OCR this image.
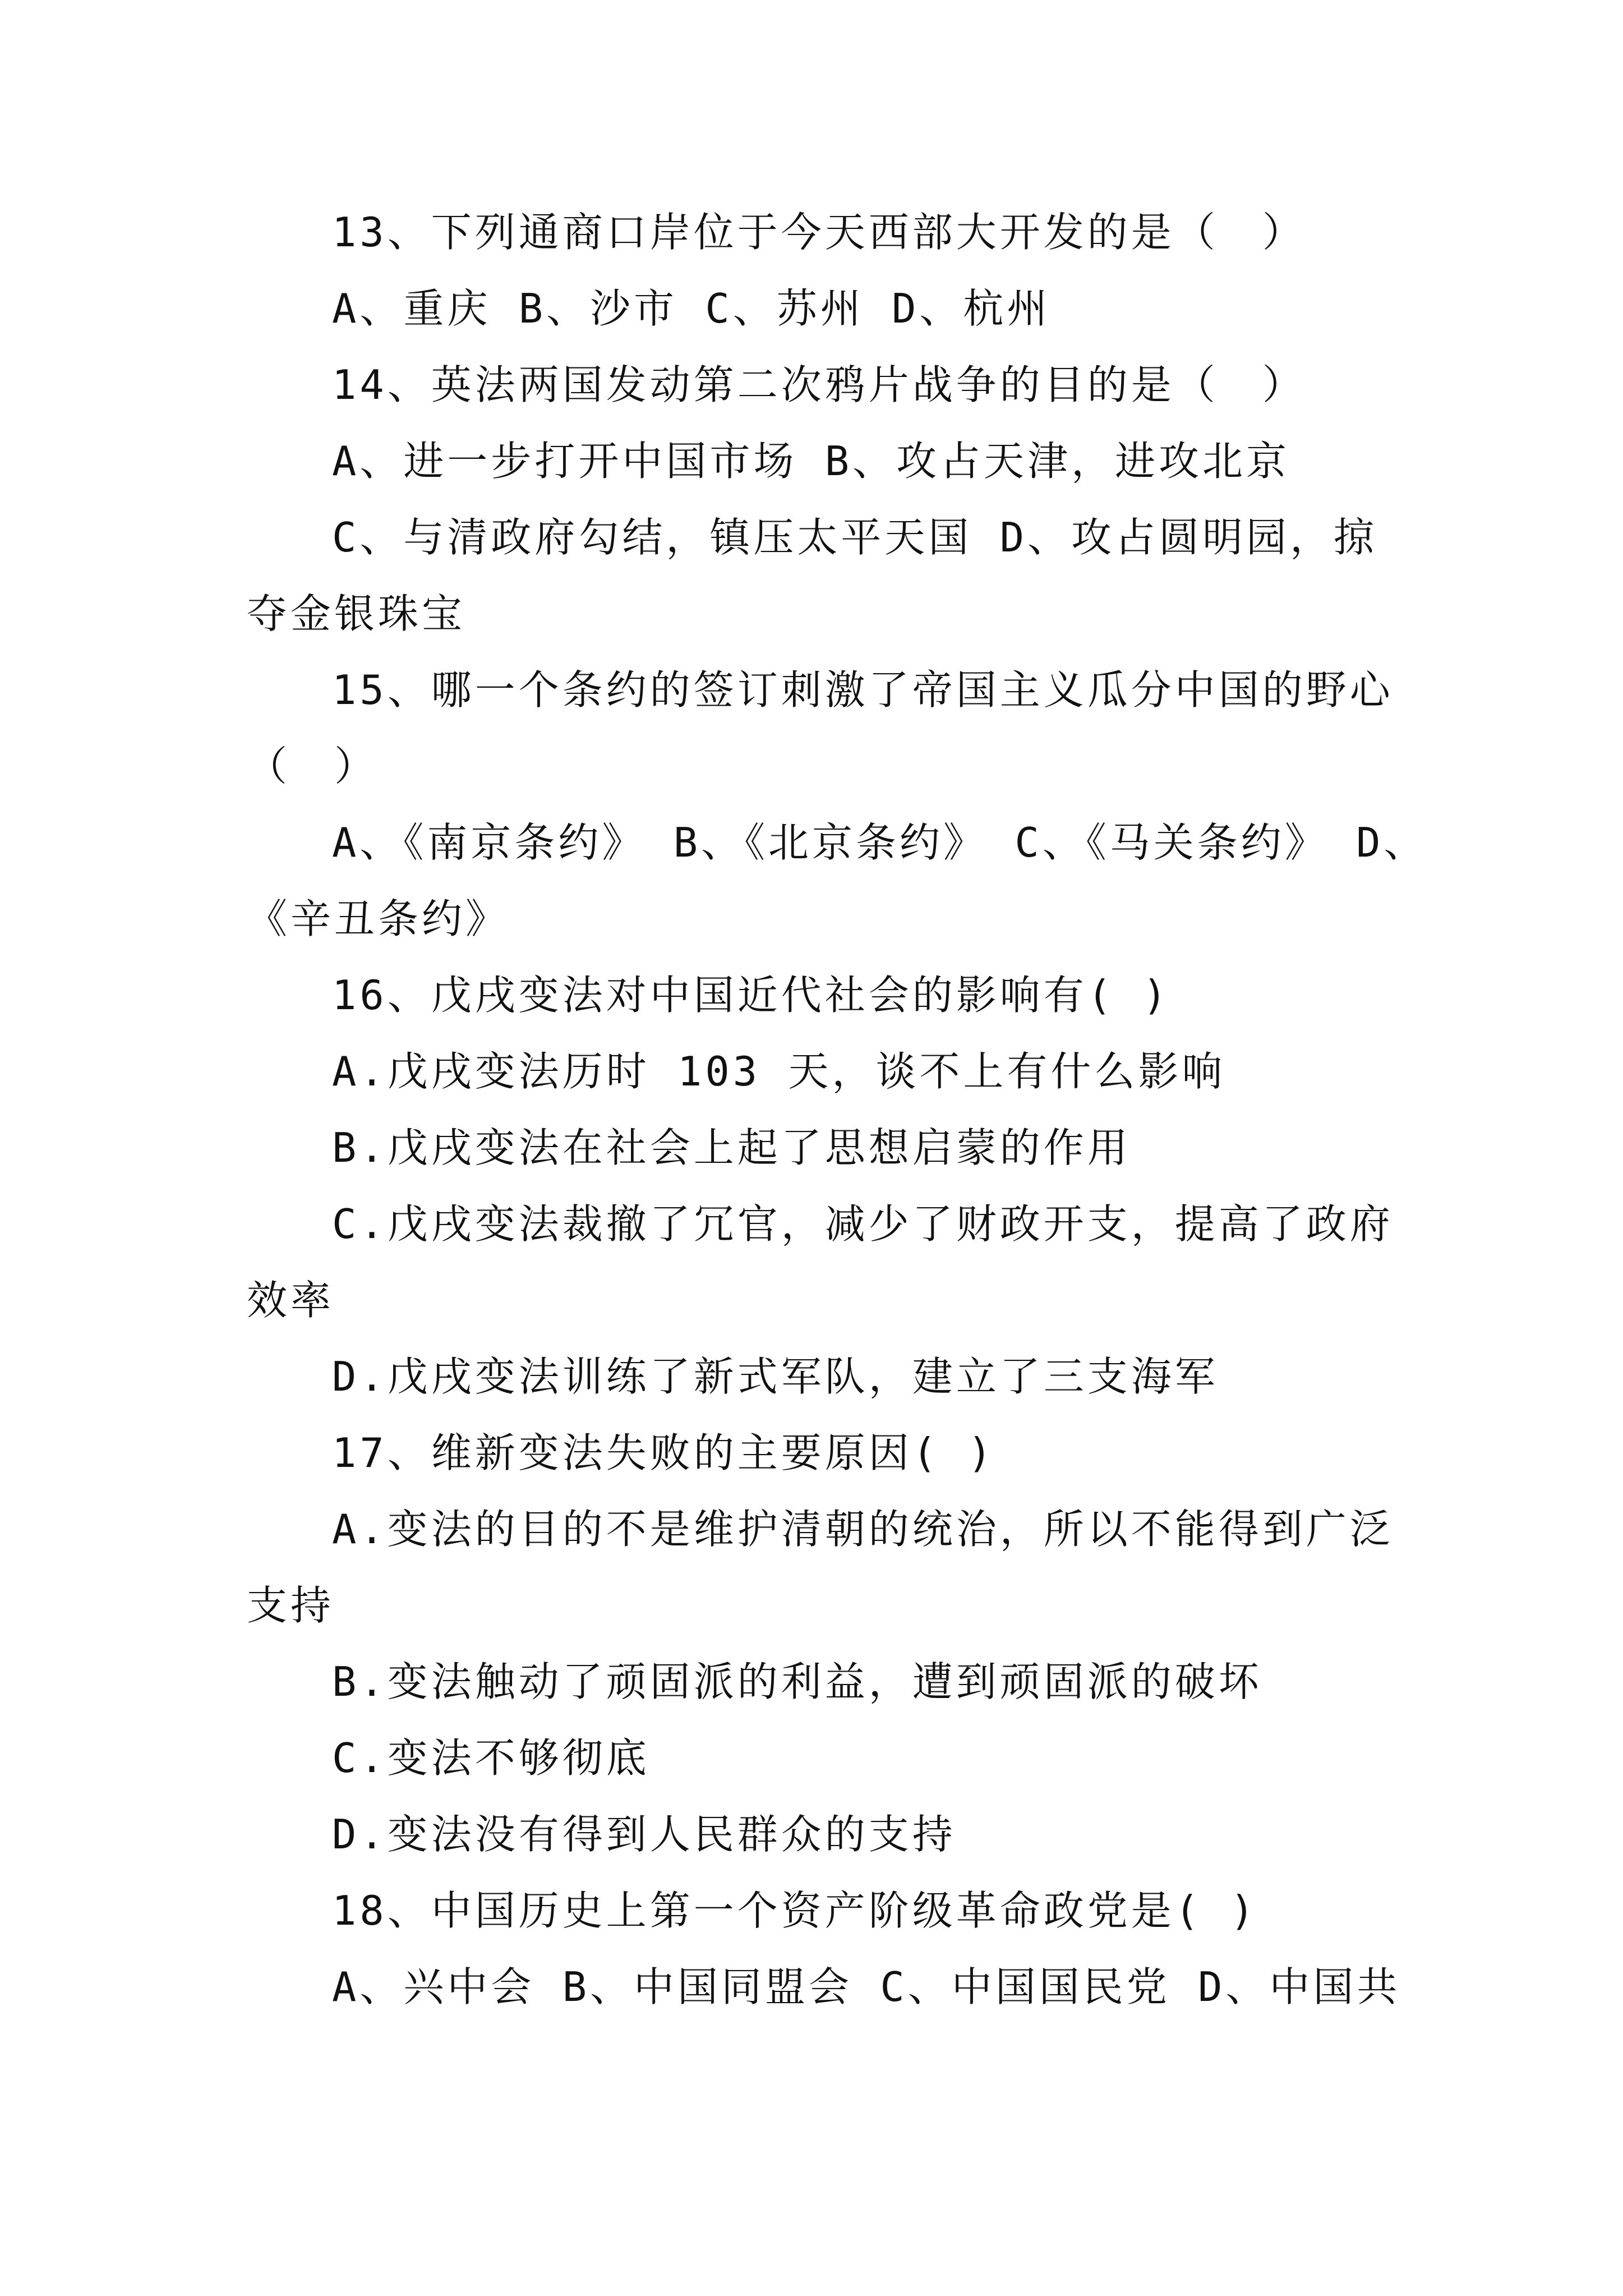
13、下列通商口岸位于今天西部大开发的是（　）
A、重庆 B、沙市 C、苏州 D、杭州
14、英法两国发动第二次鸦片战争的目的是（　）
A、进一步打开中国市场 B、攻占天津，进攻北京
C、与清政府勾结，镇压太平天国 D、攻占圆明园，掠
夺金银珠宝
15、哪一个条约的签订刺激了帝国主义瓜分中国的野心
（　）
A、《南京条约》 B、《北京条约》 C、《马关条约》 D、
《辛丑条约》
16、戊戌变法对中国近代社会的影响有( )
A.戊戌变法历时 103 天，谈不上有什么影响
B.戊戌变法在社会上起了思想启蒙的作用
C.戊戌变法裁撤了冗官，减少了财政开支，提高了政府
效率
D.戊戌变法训练了新式军队，建立了三支海军
17、维新变法失败的主要原因( )
A.变法的目的不是维护清朝的统治，所以不能得到广泛
支持
B.变法触动了顽固派的利益，遭到顽固派的破坏
C.变法不够彻底
D.变法没有得到人民群众的支持
18、中国历史上第一个资产阶级革命政党是( )
A、兴中会 B、中国同盟会 C、中国国民党 D、中国共
